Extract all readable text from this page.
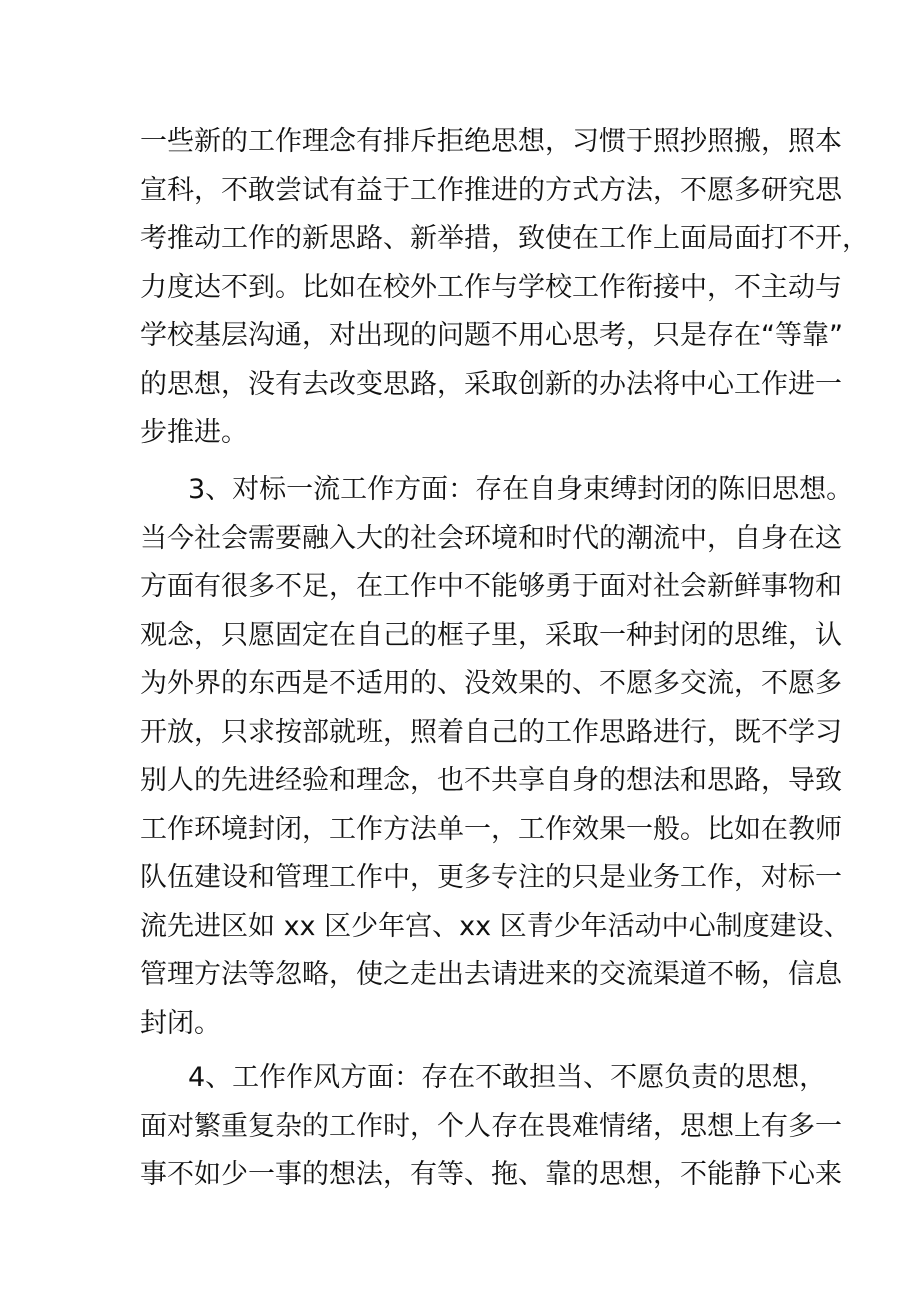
一些新的工作理念有排斥拒绝思想，习惯于照抄照搬，照本
宣科，不敢尝试有益于工作推进的方式方法，不愿多研究思
考推动工作的新思路、新举措，致使在工作上面局面打不开，
力度达不到。比如在校外工作与学校工作衔接中，不主动与
学校基层沟通，对出现的问题不用心思考，只是存在“等靠”
的思想，没有去改变思路，采取创新的办法将中心工作进一
步推进。
3、对标一流工作方面：存在自身束缚封闭的陈旧思想。
当今社会需要融入大的社会环境和时代的潮流中，自身在这
方面有很多不足，在工作中不能够勇于面对社会新鲜事物和
观念，只愿固定在自己的框子里，采取一种封闭的思维，认
为外界的东西是不适用的、没效果的、不愿多交流，不愿多
开放，只求按部就班，照着自己的工作思路进行，既不学习
别人的先进经验和理念，也不共享自身的想法和思路，导致
工作环境封闭，工作方法单一，工作效果一般。比如在教师
队伍建设和管理工作中，更多专注的只是业务工作，对标一
流先进区如 xx 区少年宫、xx 区青少年活动中心制度建设、
管理方法等忽略，使之走出去请进来的交流渠道不畅，信息
封闭。
4、工作作风方面：存在不敢担当、不愿负责的思想，
面对繁重复杂的工作时，个人存在畏难情绪，思想上有多一
事不如少一事的想法，有等、拖、靠的思想，不能静下心来
